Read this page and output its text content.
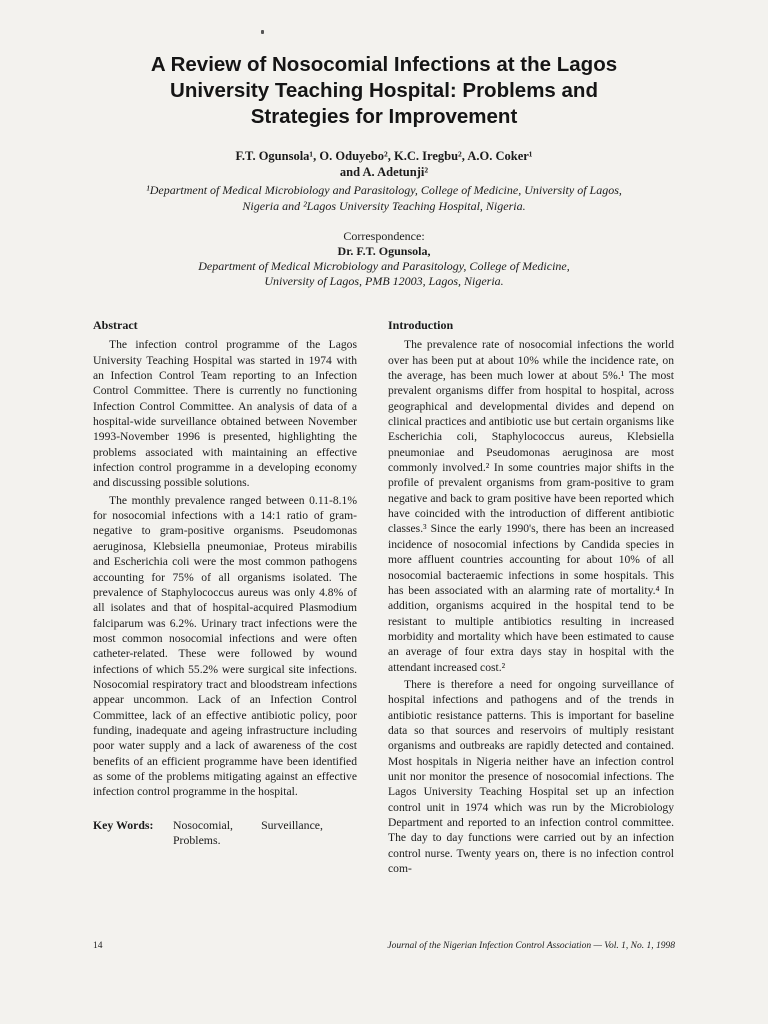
A Review of Nosocomial Infections at the Lagos
University Teaching Hospital: Problems and
Strategies for Improvement
F.T. Ogunsola¹, O. Oduyebo², K.C. Iregbu², A.O. Coker¹
and A. Adetunji²
¹Department of Medical Microbiology and Parasitology, College of Medicine, University of Lagos,
Nigeria and ²Lagos University Teaching Hospital, Nigeria.
Correspondence:
Dr. F.T. Ogunsola,
Department of Medical Microbiology and Parasitology, College of Medicine,
University of Lagos, PMB 12003, Lagos, Nigeria.
Abstract

The infection control programme of the Lagos University Teaching Hospital was started in 1974 with an Infection Control Team reporting to an Infection Control Committee. There is currently no functioning Infection Control Committee. An analysis of data of a hospital-wide surveillance obtained between November 1993-November 1996 is presented, highlighting the problems associated with maintaining an effective infection control programme in a developing economy and discussing possible solutions.

The monthly prevalence ranged between 0.11-8.1% for nosocomial infections with a 14:1 ratio of gram-negative to gram-positive organisms. Pseudomonas aeruginosa, Klebsiella pneumoniae, Proteus mirabilis and Escherichia coli were the most common pathogens accounting for 75% of all organisms isolated. The prevalence of Staphylococcus aureus was only 4.8% of all isolates and that of hospital-acquired Plasmodium falciparum was 6.2%. Urinary tract infections were the most common nosocomial infections and were often catheter-related. These were followed by wound infections of which 55.2% were surgical site infections. Nosocomial respiratory tract and bloodstream infections appear uncommon. Lack of an Infection Control Committee, lack of an effective antibiotic policy, poor funding, inadequate and ageing infrastructure including poor water supply and a lack of awareness of the cost benefits of an efficient programme have been identified as some of the problems mitigating against an effective infection control programme in the hospital.

Key Words:	Nosocomial, Surveillance, Problems.
Introduction

The prevalence rate of nosocomial infections the world over has been put at about 10% while the incidence rate, on the average, has been much lower at about 5%.¹ The most prevalent organisms differ from hospital to hospital, across geographical and developmental divides and depend on clinical practices and antibiotic use but certain organisms like Escherichia coli, Staphylococcus aureus, Klebsiella pneumoniae and Pseudomonas aeruginosa are most commonly involved.² In some countries major shifts in the profile of prevalent organisms from gram-positive to gram negative and back to gram positive have been reported which have coincided with the introduction of different antibiotic classes.³ Since the early 1990's, there has been an increased incidence of nosocomial infections by Candida species in more affluent countries accounting for about 10% of all nosocomial bacteraemic infections in some hospitals. This has been associated with an alarming rate of mortality.⁴ In addition, organisms acquired in the hospital tend to be resistant to multiple antibiotics resulting in increased morbidity and mortality which have been estimated to cause an average of four extra days stay in hospital with the attendant increased cost.²

There is therefore a need for ongoing surveillance of hospital infections and pathogens and of the trends in antibiotic resistance patterns. This is important for baseline data so that sources and reservoirs of multiply resistant organisms and outbreaks are rapidly detected and contained. Most hospitals in Nigeria neither have an infection control unit nor monitor the presence of nosocomial infections. The Lagos University Teaching Hospital set up an infection control unit in 1974 which was run by the Microbiology Department and reported to an infection control committee. The day to day functions were carried out by an infection control nurse. Twenty years on, there is no infection control com-

14	Journal of the Nigerian Infection Control Association — Vol. 1, No. 1, 1998
